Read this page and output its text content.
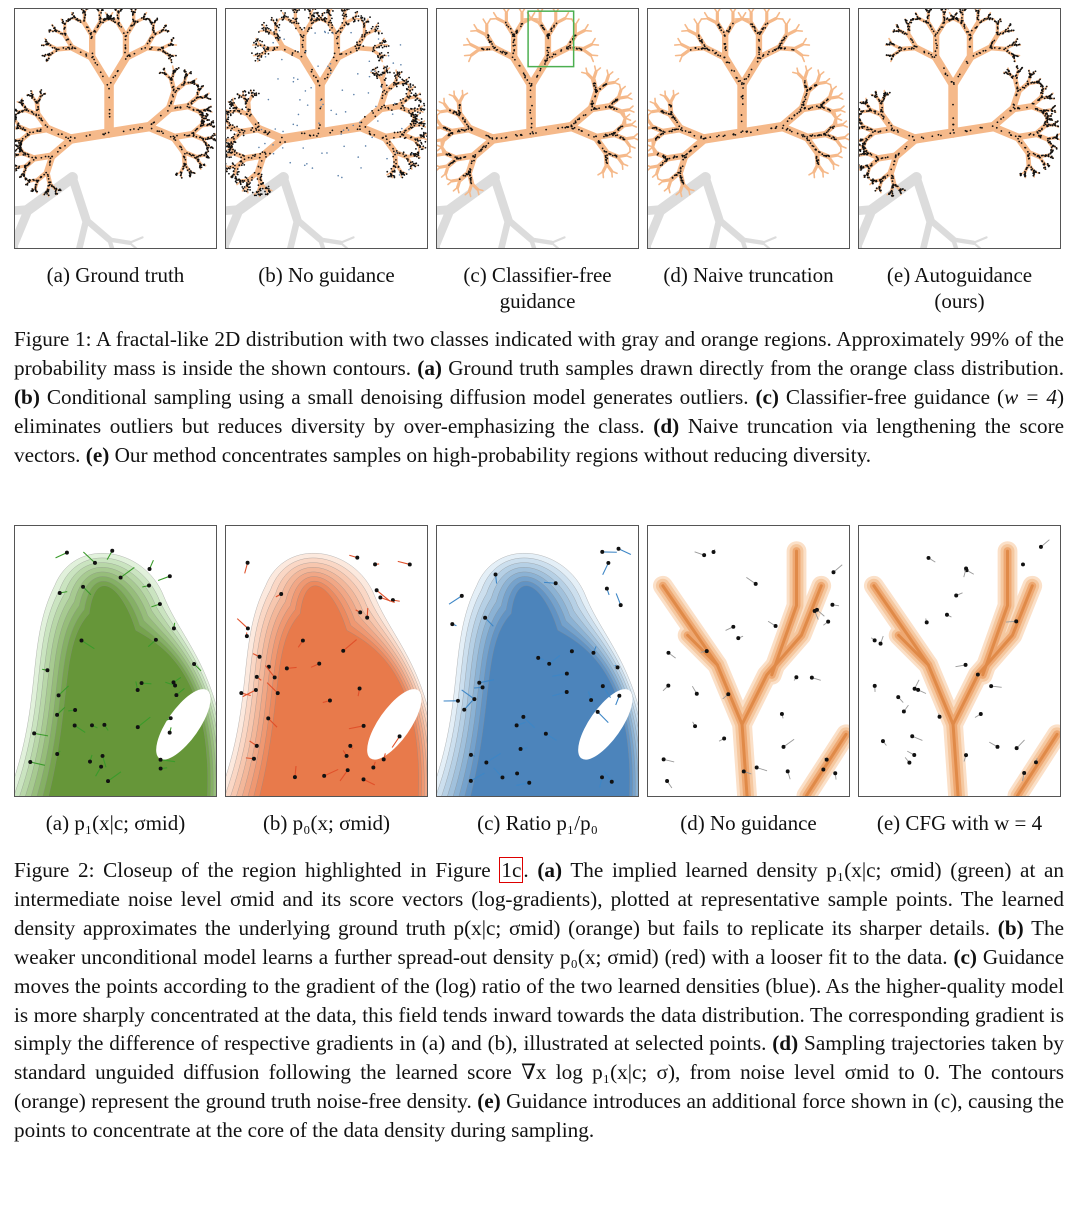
(a) Ground truth	(b) No guidance	(c) Classifier-free
guidance
(d) Naive truncation	(e) Autoguidance
(ours)
Figure 1: A fractal-like 2D distribution with two classes indicated with gray and orange regions. Approximately 99% of the probability mass is inside the shown contours. (a) Ground truth samples drawn directly from the orange class distribution. (b) Conditional sampling using a small denoising diffusion model generates outliers. (c) Classifier-free guidance (w = 4) eliminates outliers but reduces diversity by over-emphasizing the class. (d) Naive truncation via lengthening the score vectors. (e) Our method concentrates samples on high-probability regions without reducing diversity.
(a) p₁(x|c; σmid)	(b) p₀(x; σmid)	(c) Ratio p₁/p₀	(d) No guidance	(e) CFG with w = 4
Figure 2: Closeup of the region highlighted in Figure 1c. (a) The implied learned density p₁(x|c; σmid) (green) at an intermediate noise level σmid and its score vectors (log-gradients), plotted at representative sample points. The learned density approximates the underlying ground truth p(x|c; σmid) (orange) but fails to replicate its sharper details. (b) The weaker unconditional model learns a further spread-out density p₀(x; σmid) (red) with a looser fit to the data. (c) Guidance moves the points according to the gradient of the (log) ratio of the two learned densities (blue). As the higher-quality model is more sharply concentrated at the data, this field tends inward towards the data distribution. The corresponding gradient is simply the difference of respective gradients in (a) and (b), illustrated at selected points. (d) Sampling trajectories taken by standard unguided diffusion following the learned score ∇x log p₁(x|c; σ), from noise level σmid to 0. The contours (orange) represent the ground truth noise-free density. (e) Guidance introduces an additional force shown in (c), causing the points to concentrate at the core of the data density during sampling.
